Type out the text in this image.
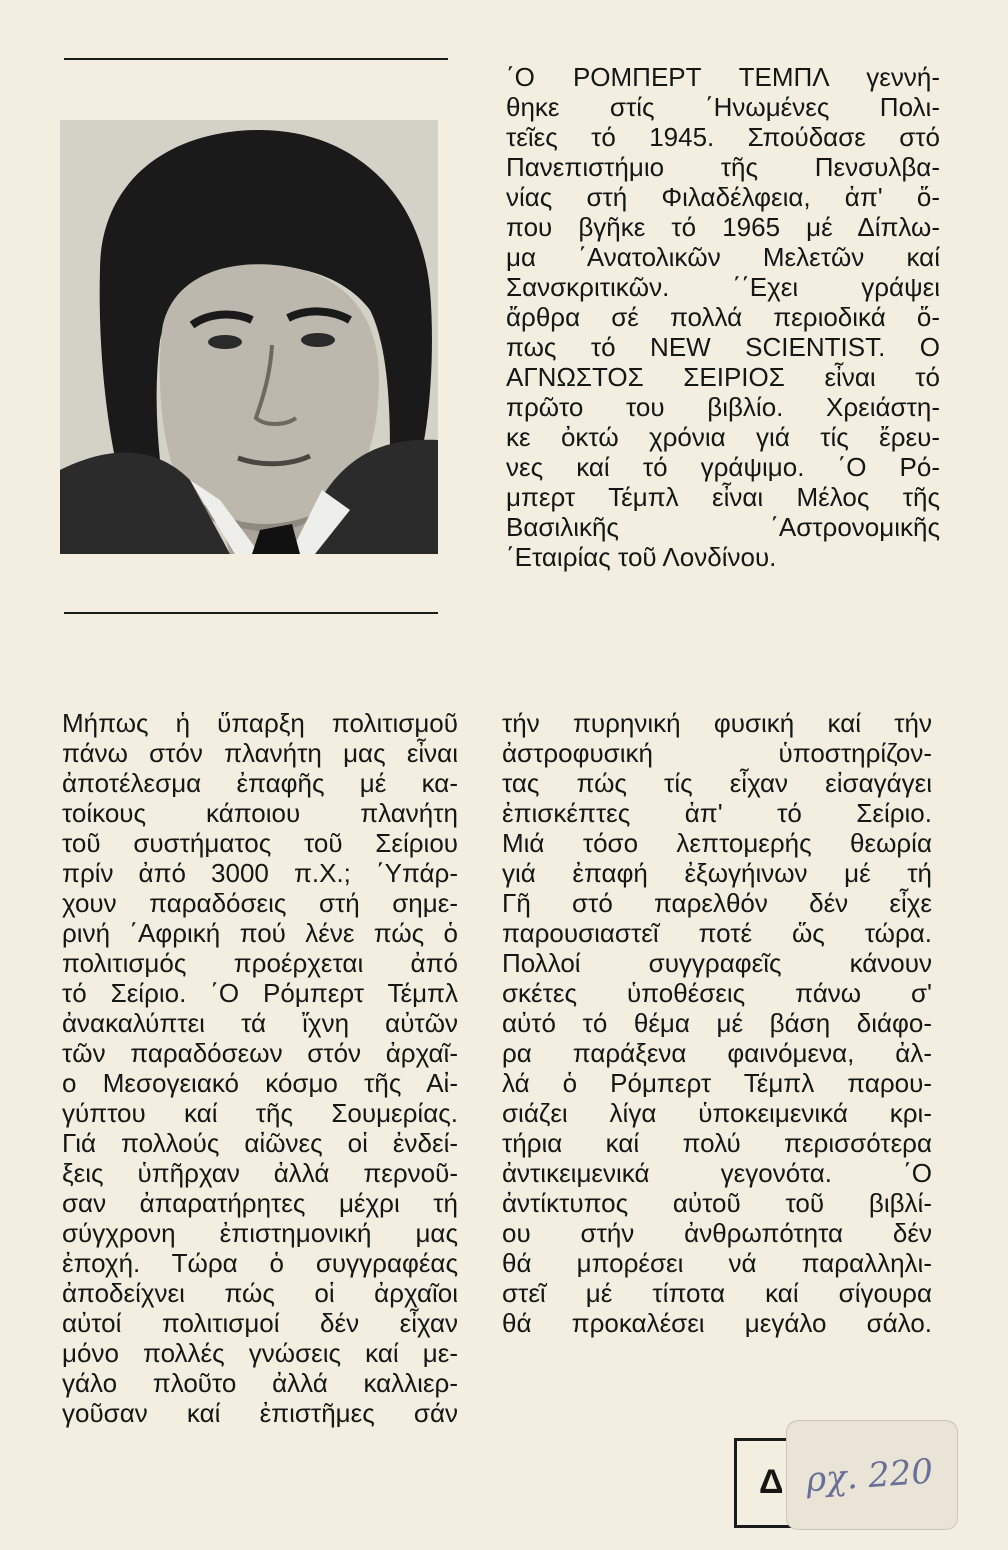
΄Ο ΡΟΜΠΕΡΤ ΤΕΜΠΛ γεννή-
θηκε στίς ΄Ηνωμένες Πολι-
τεῖες τό 1945. Σπούδασε στό
Πανεπιστήμιο τῆς Πενσυλβα-
νίας στή Φιλαδέλφεια, ἀπ' ὅ-
που βγῆκε τό 1965 μέ Δίπλω-
μα ΄Ανατολικῶν Μελετῶν καί
Σανσκριτικῶν. ΄΄Εχει γράψει
ἄρθρα σέ πολλά περιοδικά ὅ-
πως τό NEW SCIENTIST. Ο
ΑΓΝΩΣΤΟΣ ΣΕΙΡΙΟΣ εἶναι τό
πρῶτο του βιβλίο. Χρειάστη-
κε ὀκτώ χρόνια γιά τίς ἔρευ-
νες καί τό γράψιμο. ΄Ο Ρό-
μπερτ Τέμπλ εἶναι Μέλος τῆς
Βασιλικῆς ΄Αστρονομικῆς
΄Εταιρίας τοῦ Λονδίνου.
Μήπως ἡ ὕπαρξη πολιτισμοῦ
πάνω στόν πλανήτη μας εἶναι
ἀποτέλεσμα ἐπαφῆς μέ κα-
τοίκους κάποιου πλανήτη
τοῦ συστήματος τοῦ Σείριου
πρίν ἀπό 3000 π.Χ.; ΄Υπάρ-
χουν παραδόσεις στή σημε-
ρινή ΄Αφρική πού λένε πώς ὁ
πολιτισμός προέρχεται ἀπό
τό Σείριο. ΄Ο Ρόμπερτ Τέμπλ
ἀνακαλύπτει τά ἴχνη αὐτῶν
τῶν παραδόσεων στόν ἀρχαῖ-
ο Μεσογειακό κόσμο τῆς Αἰ-
γύπτου καί τῆς Σουμερίας.
Γιά πολλούς αἰῶνες οἱ ἐνδεί-
ξεις ὑπῆρχαν ἀλλά περνοῦ-
σαν ἀπαρατήρητες μέχρι τή
σύγχρονη ἐπιστημονική μας
ἐποχή. Τώρα ὁ συγγραφέας
ἀποδείχνει πώς οἱ ἀρχαῖοι
αὐτοί πολιτισμοί δέν εἶχαν
μόνο πολλές γνώσεις καί με-
γάλο πλοῦτο ἀλλά καλλιερ-
γοῦσαν καί ἐπιστῆμες σάν
τήν πυρηνική φυσική καί τήν
ἀστροφυσική ὑποστηρίζον-
τας πώς τίς εἶχαν εἰσαγάγει
ἐπισκέπτες ἀπ' τό Σείριο.
Μιά τόσο λεπτομερής θεωρία
γιά ἐπαφή ἐξωγήινων μέ τή
Γῆ στό παρελθόν δέν εἶχε
παρουσιαστεῖ ποτέ ὥς τώρα.
Πολλοί συγγραφεῖς κάνουν
σκέτες ὑποθέσεις πάνω σ'
αὐτό τό θέμα μέ βάση διάφο-
ρα παράξενα φαινόμενα, ἀλ-
λά ὁ Ρόμπερτ Τέμπλ παρου-
σιάζει λίγα ὑποκειμενικά κρι-
τήρια καί πολύ περισσότερα
ἀντικειμενικά γεγονότα. ΄Ο
ἀντίκτυπος αὐτοῦ τοῦ βιβλί-
ου στήν ἀνθρωπότητα δέν
θά μπορέσει νά παραλληλι-
στεῖ μέ τίποτα καί σίγουρα
θά προκαλέσει μεγάλο σάλο.
Δ ρχ. 220
